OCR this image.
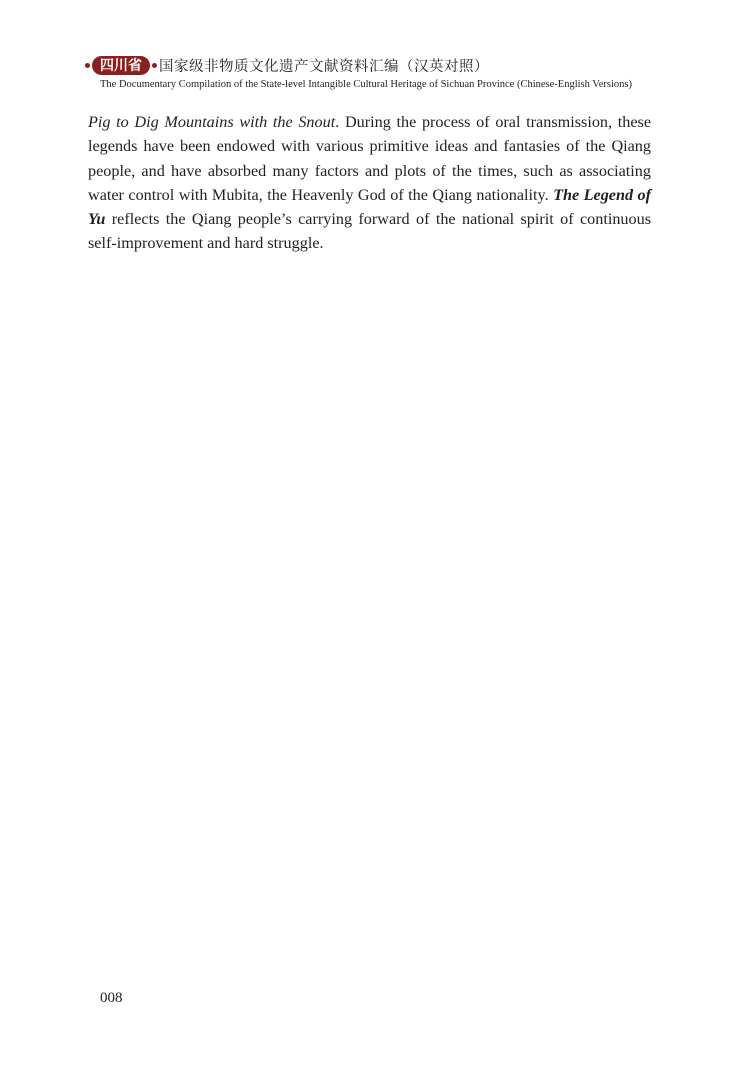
四川省	国家级非物质文化遗产文献资料汇编（汉英对照）
The Documentary Compilation of the State-level Intangible Cultural Heritage of Sichuan Province (Chinese-English Versions)
Pig to Dig Mountains with the Snout. During the process of oral transmission, these legends have been endowed with various primitive ideas and fantasies of the Qiang people, and have absorbed many factors and plots of the times, such as associating water control with Mubita, the Heavenly God of the Qiang nationality. The Legend of Yu reflects the Qiang people’s carrying forward of the national spirit of continuous self-improvement and hard struggle.
008
